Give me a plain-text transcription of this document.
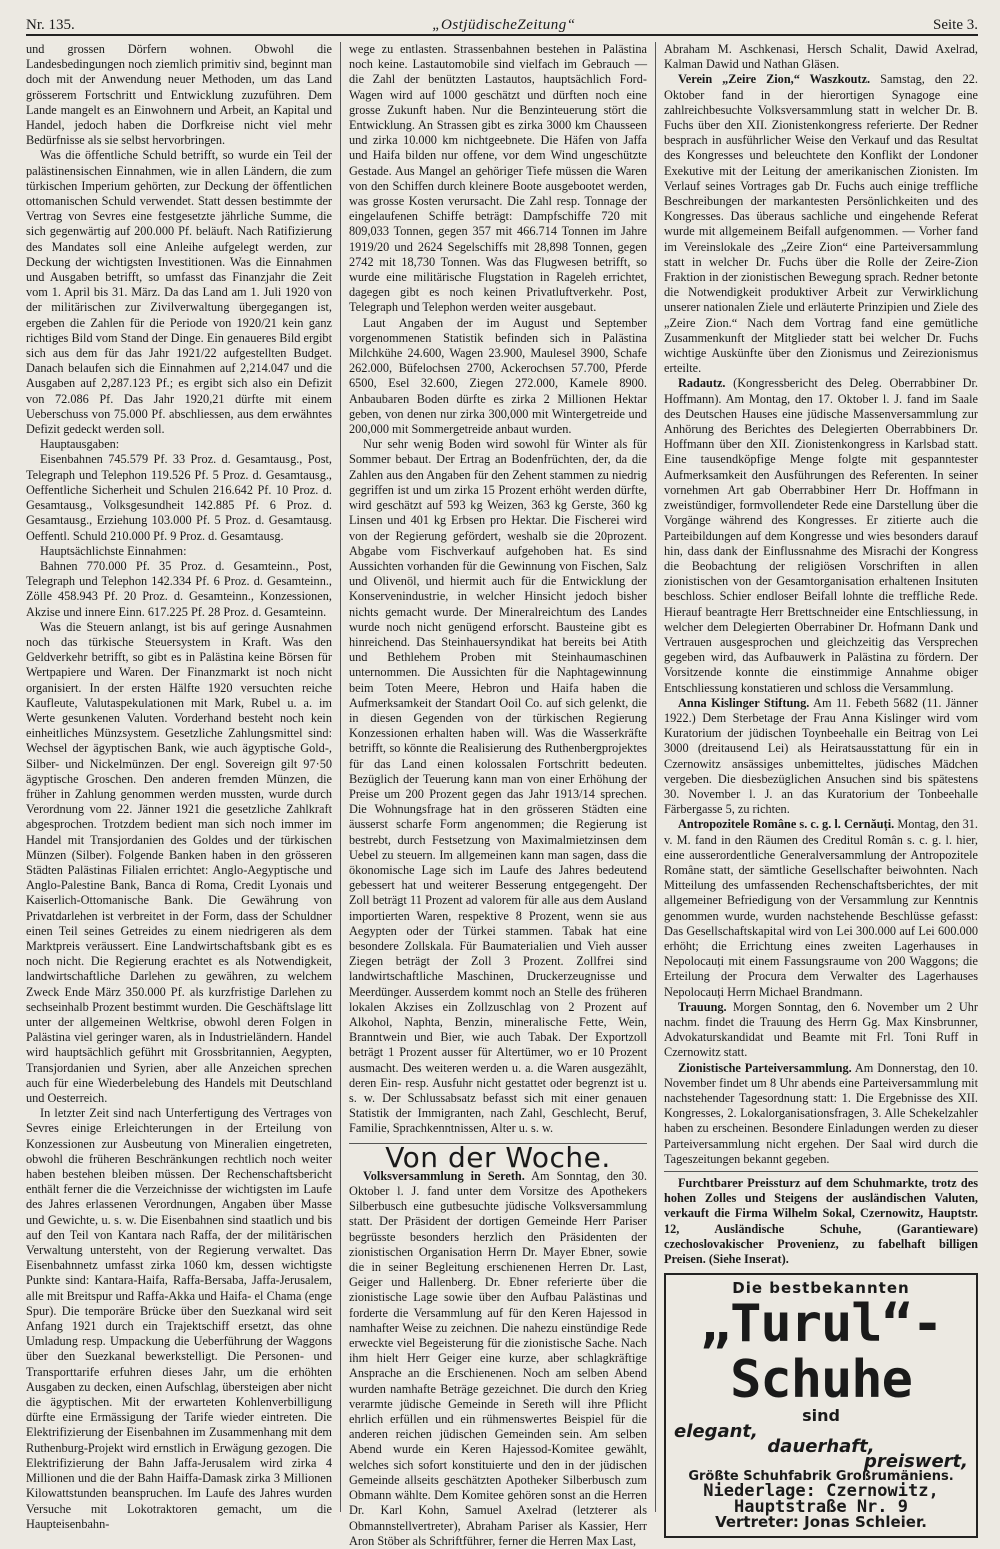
Nr. 135.	„OstjüdischeZeitung“	Seite 3.

und grossen Dörfern wohnen. Obwohl die Landesbedingungen noch ziemlich primitiv sind, beginnt man doch mit der Anwendung neuer Methoden, um das Land grösserem Fortschritt und Entwicklung zuzuführen. Dem Lande mangelt es an Einwohnern und Arbeit, an Kapital und Handel, jedoch haben die Dorfkreise nicht viel mehr Bedürfnisse als sie selbst hervorbringen.

Was die öffentliche Schuld betrifft, so wurde ein Teil der palästinensischen Einnahmen, wie in allen Ländern, die zum türkischen Imperium gehörten, zur Deckung der öffentlichen ottomanischen Schuld verwendet. Statt dessen bestimmte der Vertrag von Sevres eine festgesetzte jährliche Summe, die sich gegenwärtig auf 200.000 Pf. beläuft. Nach Ratifizierung des Mandates soll eine Anleihe aufgelegt werden, zur Deckung der wichtigsten Investitionen. Was die Einnahmen und Ausgaben betrifft, so umfasst das Finanzjahr die Zeit vom 1. April bis 31. März. Da das Land am 1. Juli 1920 von der militärischen zur Zivilverwaltung übergegangen ist, ergeben die Zahlen für die Periode von 1920/21 kein ganz richtiges Bild vom Stand der Dinge. Ein genaueres Bild ergibt sich aus dem für das Jahr 1921/22 aufgestellten Budget. Danach belaufen sich die Einnahmen auf 2,214.047 und die Ausgaben auf 2,287.123 Pf.; es ergibt sich also ein Defizit von 72.086 Pf. Das Jahr 1920,21 dürfte mit einem Ueberschuss von 75.000 Pf. abschliessen, aus dem erwähntes Defizit gedeckt werden soll.

Hauptausgaben:

Eisenbahnen 745.579 Pf. 33 Proz. d. Gesamtausg., Post, Telegraph und Telephon 119.526 Pf. 5 Proz. d. Gesamtausg., Oeffentliche Sicherheit und Schulen 216.642 Pf. 10 Proz. d. Gesamtausg., Volksgesundheit 142.885 Pf. 6 Proz. d. Gesamtausg., Erziehung 103.000 Pf. 5 Proz. d. Gesamtausg. Oeffentl. Schuld 210.000 Pf. 9 Proz. d. Gesamtausg.

Hauptsächlichste Einnahmen:

Bahnen 770.000 Pf. 35 Proz. d. Gesamteinn., Post, Telegraph und Telephon 142.334 Pf. 6 Proz. d. Gesamteinn., Zölle 458.943 Pf. 20 Proz. d. Gesamteinn., Konzessionen, Akzise und innere Einn. 617.225 Pf. 28 Proz. d. Gesamteinn.

Was die Steuern anlangt, ist bis auf geringe Ausnahmen noch das türkische Steuersystem in Kraft. Was den Geldverkehr betrifft, so gibt es in Palästina keine Börsen für Wertpapiere und Waren. Der Finanzmarkt ist noch nicht organisiert. In der ersten Hälfte 1920 versuchten reiche Kaufleute, Valutaspekulationen mit Mark, Rubel u. a. im Werte gesunkenen Valuten. Vorderhand besteht noch kein einheitliches Münzsystem. Gesetzliche Zahlungsmittel sind: Wechsel der ägyptischen Bank, wie auch ägyptische Gold-, Silber- und Nickelmünzen. Der engl. Sovereign gilt 97·50 ägyptische Groschen. Den anderen fremden Münzen, die früher in Zahlung genommen werden mussten, wurde durch Verordnung vom 22. Jänner 1921 die gesetzliche Zahlkraft abgesprochen. Trotzdem bedient man sich noch immer im Handel mit Transjordanien des Goldes und der türkischen Münzen (Silber). Folgende Banken haben in den grösseren Städten Palästinas Filialen errichtet: Anglo-Aegyptische und Anglo-Palestine Bank, Banca di Roma, Credit Lyonais und Kaiserlich-Ottomanische Bank. Die Gewährung von Privatdarlehen ist verbreitet in der Form, dass der Schuldner einen Teil seines Getreides zu einem niedrigeren als dem Marktpreis veräussert. Eine Landwirtschaftsbank gibt es es noch nicht. Die Regierung erachtet es als Notwendigkeit, landwirtschaftliche Darlehen zu gewähren, zu welchem Zweck Ende März 350.000 Pf. als kurzfristige Darlehen zu sechseinhalb Prozent bestimmt wurden. Die Geschäftslage litt unter der allgemeinen Weltkrise, obwohl deren Folgen in Palästina viel geringer waren, als in Industrieländern. Handel wird hauptsächlich geführt mit Grossbritannien, Aegypten, Transjordanien und Syrien, aber alle Anzeichen sprechen auch für eine Wiederbelebung des Handels mit Deutschland und Oesterreich.

In letzter Zeit sind nach Unterfertigung des Vertrages von Sevres einige Erleichterungen in der Erteilung von Konzessionen zur Ausbeutung von Mineralien eingetreten, obwohl die früheren Beschränkungen rechtlich noch weiter haben bestehen bleiben müssen. Der Rechenschaftsbericht enthält ferner die die Verzeichnisse der wichtigsten im Laufe des Jahres erlassenen Verordnungen, Angaben über Masse und Gewichte, u. s. w. Die Eisenbahnen sind staatlich und bis auf den Teil von Kantara nach Raffa, der der militärischen Verwaltung untersteht, von der Regierung verwaltet. Das Eisenbahnnetz umfasst zirka 1060 km, dessen wichtigste Punkte sind: Kantara-Haifa, Raffa-Bersaba, Jaffa-Jerusalem, alle mit Breitspur und Raffa-Akka und Haifa- el Chama (enge Spur). Die temporäre Brücke über den Suezkanal wird seit Anfang 1921 durch ein Trajektschiff ersetzt, das ohne Umladung resp. Umpackung die Ueberführung der Waggons über den Suezkanal bewerkstelligt. Die Personen- und Transporttarife erfuhren dieses Jahr, um die erhöhten Ausgaben zu decken, einen Aufschlag, übersteigen aber nicht die ägyptischen. Mit der erwarteten Kohlenverbilligung dürfte eine Ermässigung der Tarife wieder eintreten. Die Elektrifizierung der Eisenbahnen im Zusammenhang mit dem Ruthenburg-Projekt wird ernstlich in Erwägung gezogen. Die Elektrifizierung der Bahn Jaffa-Jerusalem wird zirka 4 Millionen und die der Bahn Haiffa-Damask zirka 3 Millionen Kilowattstunden beanspruchen. Im Laufe des Jahres wurden Versuche mit Lokotraktoren gemacht, um die Haupteisenbahn-

wege zu entlasten. Strassenbahnen bestehen in Palästina noch keine. Lastautomobile sind vielfach im Gebrauch — die Zahl der benützten Lastautos, hauptsächlich Ford-Wagen wird auf 1000 geschätzt und dürften noch eine grosse Zukunft haben. Nur die Benzinteuerung stört die Entwicklung. An Strassen gibt es zirka 3000 km Chausseen und zirka 10.000 km nichtgeebnete. Die Häfen von Jaffa und Haifa bilden nur offene, vor dem Wind ungeschützte Gestade. Aus Mangel an gehöriger Tiefe müssen die Waren von den Schiffen durch kleinere Boote ausgebootet werden, was grosse Kosten verursacht. Die Zahl resp. Tonnage der eingelaufenen Schiffe beträgt: Dampfschiffe 720 mit 809,033 Tonnen, gegen 357 mit 466.714 Tonnen im Jahre 1919/20 und 2624 Segelschiffs mit 28,898 Tonnen, gegen 2742 mit 18,730 Tonnen. Was das Flugwesen betrifft, so wurde eine militärische Flugstation in Rageleh errichtet, dagegen gibt es noch keinen Privatluftverkehr. Post, Telegraph und Telephon werden weiter ausgebaut.

Laut Angaben der im August und September vorgenommenen Statistik befinden sich in Palästina Milchkühe 24.600, Wagen 23.900, Maulesel 3900, Schafe 262.000, Büfelochsen 2700, Ackerochsen 57.700, Pferde 6500, Esel 32.600, Ziegen 272.000, Kamele 8900. Anbaubaren Boden dürfte es zirka 2 Millionen Hektar geben, von denen nur zirka 300,000 mit Wintergetreide und 200,000 mit Sommergetreide anbaut wurden.

Nur sehr wenig Boden wird sowohl für Winter als für Sommer bebaut. Der Ertrag an Bodenfrüchten, der, da die Zahlen aus den Angaben für den Zehent stammen zu niedrig gegriffen ist und um zirka 15 Prozent erhöht werden dürfte, wird geschätzt auf 593 kg Weizen, 363 kg Gerste, 360 kg Linsen und 401 kg Erbsen pro Hektar. Die Fischerei wird von der Regierung gefördert, weshalb sie die 20prozent. Abgabe vom Fischverkauf aufgehoben hat. Es sind Aussichten vorhanden für die Gewinnung von Fischen, Salz und Olivenöl, und hiermit auch für die Entwicklung der Konservenindustrie, in welcher Hinsicht jedoch bisher nichts gemacht wurde. Der Mineralreichtum des Landes wurde noch nicht genügend erforscht. Bausteine gibt es hinreichend. Das Steinhauersyndikat hat bereits bei Atith und Bethlehem Proben mit Steinhaumaschinen unternommen. Die Aussichten für die Naphtagewinnung beim Toten Meere, Hebron und Haifa haben die Aufmerksamkeit der Standart Ooil Co. auf sich gelenkt, die in diesen Gegenden von der türkischen Regierung Konzessionen erhalten haben will. Was die Wasserkräfte betrifft, so könnte die Realisierung des Ruthenbergprojektes für das Land einen kolossalen Fortschritt bedeuten. Bezüglich der Teuerung kann man von einer Erhöhung der Preise um 200 Prozent gegen das Jahr 1913/14 sprechen. Die Wohnungsfrage hat in den grösseren Städten eine äusserst scharfe Form angenommen; die Regierung ist bestrebt, durch Festsetzung von Maximalmietzinsen dem Uebel zu steuern. Im allgemeinen kann man sagen, dass die ökonomische Lage sich im Laufe des Jahres bedeutend gebessert hat und weiterer Besserung entgegengeht. Der Zoll beträgt 11 Prozent ad valorem für alle aus dem Ausland importierten Waren, respektive 8 Prozent, wenn sie aus Aegypten oder der Türkei stammen. Tabak hat eine besondere Zollskala. Für Baumaterialien und Vieh ausser Ziegen beträgt der Zoll 3 Prozent. Zollfrei sind landwirtschaftliche Maschinen, Druckerzeugnisse und Meerdünger. Ausserdem kommt noch an Stelle des früheren lokalen Akzises ein Zollzuschlag von 2 Prozent auf Alkohol, Naphta, Benzin, mineralische Fette, Wein, Branntwein und Bier, wie auch Tabak. Der Exportzoll beträgt 1 Prozent ausser für Altertümer, wo er 10 Prozent ausmacht. Des weiteren werden u. a. die Waren ausgezählt, deren Ein- resp. Ausfuhr nicht gestattet oder begrenzt ist u. s. w. Der Schlussabsatz befasst sich mit einer genauen Statistik der Immigranten, nach Zahl, Geschlecht, Beruf, Familie, Sprachkenntnissen, Alter u. s. w.

Von der Woche.

Volksversammlung in Sereth. Am Sonntag, den 30. Oktober l. J. fand unter dem Vorsitze des Apothekers Silberbusch eine gutbesuchte jüdische Volksversammlung statt. Der Präsident der dortigen Gemeinde Herr Pariser begrüsste besonders herzlich den Präsidenten der zionistischen Organisation Herrn Dr. Mayer Ebner, sowie die in seiner Begleitung erschienenen Herren Dr. Last, Geiger und Hallenberg. Dr. Ebner referierte über die zionistische Lage sowie über den Aufbau Palästinas und forderte die Versammlung auf für den Keren Hajessod in namhafter Weise zu zeichnen. Die nahezu einstündige Rede erweckte viel Begeisterung für die zionistische Sache. Nach ihm hielt Herr Geiger eine kurze, aber schlagkräftige Ansprache an die Erschienenen. Noch am selben Abend wurden namhafte Beträge gezeichnet. Die durch den Krieg verarmte jüdische Gemeinde in Sereth will ihre Pflicht ehrlich erfüllen und ein rühmenswertes Beispiel für die anderen reichen jüdischen Gemeinden sein. Am selben Abend wurde ein Keren Hajessod-Komitee gewählt, welches sich sofort konstituierte und den in der jüdischen Gemeinde allseits geschätzten Apotheker Silberbusch zum Obmann wählte. Dem Komitee gehören sonst an die Herren Dr. Karl Kohn, Samuel Axelrad (letzterer als Obmannstellvertreter), Abraham Pariser als Kassier, Herr Aron Stöber als Schriftführer, ferner die Herren Max Last,

Abraham M. Aschkenasi, Hersch Schalit, Dawid Axelrad, Kalman Dawid und Nathan Gläsen.

Verein „Zeire Zion,“ Waszkoutz. Samstag, den 22. Oktober fand in der hierortigen Synagoge eine zahlreichbesuchte Volksversammlung statt in welcher Dr. B. Fuchs über den XII. Zionistenkongress referierte. Der Redner besprach in ausführlicher Weise den Verkauf und das Resultat des Kongresses und beleuchtete den Konflikt der Londoner Exekutive mit der Leitung der amerikanischen Zionisten. Im Verlauf seines Vortrages gab Dr. Fuchs auch einige treffliche Beschreibungen der markantesten Persönlichkeiten und des Kongresses. Das überaus sachliche und eingehende Referat wurde mit allgemeinem Beifall aufgenommen. — Vorher fand im Vereinslokale des „Zeire Zion“ eine Parteiversammlung statt in welcher Dr. Fuchs über die Rolle der Zeire-Zion Fraktion in der zionistischen Bewegung sprach. Redner betonte die Notwendigkeit produktiver Arbeit zur Verwirklichung unserer nationalen Ziele und erläuterte Prinzipien und Ziele des „Zeire Zion.“ Nach dem Vortrag fand eine gemütliche Zusammenkunft der Mitglieder statt bei welcher Dr. Fuchs wichtige Auskünfte über den Zionismus und Zeirezionismus erteilte.

Radautz. (Kongressbericht des Deleg. Oberrabbiner Dr. Hoffmann). Am Montag, den 17. Oktober l. J. fand im Saale des Deutschen Hauses eine jüdische Massenversammlung zur Anhörung des Berichtes des Delegierten Oberrabbiners Dr. Hoffmann über den XII. Zionistenkongress in Karlsbad statt. Eine tausendköpfige Menge folgte mit gespanntester Aufmerksamkeit den Ausführungen des Referenten. In seiner vornehmen Art gab Oberrabbiner Herr Dr. Hoffmann in zweistündiger, formvollendeter Rede eine Darstellung über die Vorgänge während des Kongresses. Er zitierte auch die Parteibildungen auf dem Kongresse und wies besonders darauf hin, dass dank der Einflussnahme des Misrachi der Kongress die Beobachtung der religiösen Vorschriften in allen zionistischen von der Gesamtorganisation erhaltenen Insituten beschloss. Schier endloser Beifall lohnte die treffliche Rede. Hierauf beantragte Herr Brettschneider eine Entschliessung, in welcher dem Delegierten Oberrabiner Dr. Hofmann Dank und Vertrauen ausgesprochen und gleichzeitig das Versprechen gegeben wird, das Aufbauwerk in Palästina zu fördern. Der Vorsitzende konnte die einstimmige Annahme obiger Entschliessung konstatieren und schloss die Versammlung.

Anna Kislinger Stiftung. Am 11. Febeth 5682 (11. Jänner 1922.) Dem Sterbetage der Frau Anna Kislinger wird vom Kuratorium der jüdischen Toynbeehalle ein Beitrag von Lei 3000 (dreitausend Lei) als Heiratsausstattung für ein in Czernowitz ansässiges unbemitteltes, jüdisches Mädchen vergeben. Die diesbezüglichen Ansuchen sind bis spätestens 30. November l. J. an das Kuratorium der Tonbeehalle Färbergasse 5, zu richten.

Antropozitele Române s. c. g. l. Cernăuți. Montag, den 31. v. M. fand in den Räumen des Creditul Român s. c. g. l. hier, eine ausserordentliche Generalversammlung der Antropozitele Române statt, der sämtliche Gesellschafter beiwohnten. Nach Mitteilung des umfassenden Rechenschaftsberichtes, der mit allgemeiner Befriedigung von der Versammlung zur Kenntnis genommen wurde, wurden nachstehende Beschlüsse gefasst: Das Gesellschaftskapital wird von Lei 300.000 auf Lei 600.000 erhöht; die Errichtung eines zweiten Lagerhauses in Nepolocauți mit einem Fassungsraume von 200 Waggons; die Erteilung der Procura dem Verwalter des Lagerhauses Nepolocauți Herrn Michael Brandmann.

Trauung. Morgen Sonntag, den 6. November um 2 Uhr nachm. findet die Trauung des Herrn Gg. Max Kinsbrunner, Advokaturskandidat und Beamte mit Frl. Toni Ruff in Czernowitz statt.

Zionistische Parteiversammlung. Am Donnerstag, den 10. November findet um 8 Uhr abends eine Parteiversammlung mit nachstehender Tagesordnung statt: 1. Die Ergebnisse des XII. Kongresses, 2. Lokalorganisationsfragen, 3. Alle Schekelzahler haben zu erscheinen. Besondere Einladungen werden zu dieser Parteiversammlung nicht ergehen. Der Saal wird durch die Tageszeitungen bekannt gegeben.

Furchtbarer Preissturz auf dem Schuhmarkte, trotz des hohen Zolles und Steigens der ausländischen Valuten, verkauft die Firma Wilhelm Sokal, Czernowitz, Hauptstr. 12, Ausländische Schuhe, (Garantieware) czechoslovakischer Provenienz, zu fabelhaft billigen Preisen. (Siehe Inserat).

Die bestbekannten
„Turul“-Schuhe
sind
elegant,
dauerhaft,
preiswert,
Größte Schuhfabrik Großrumäniens.
Niederlage: Czernowitz, Hauptstraße Nr. 9
Vertreter: Jonas Schleier.
